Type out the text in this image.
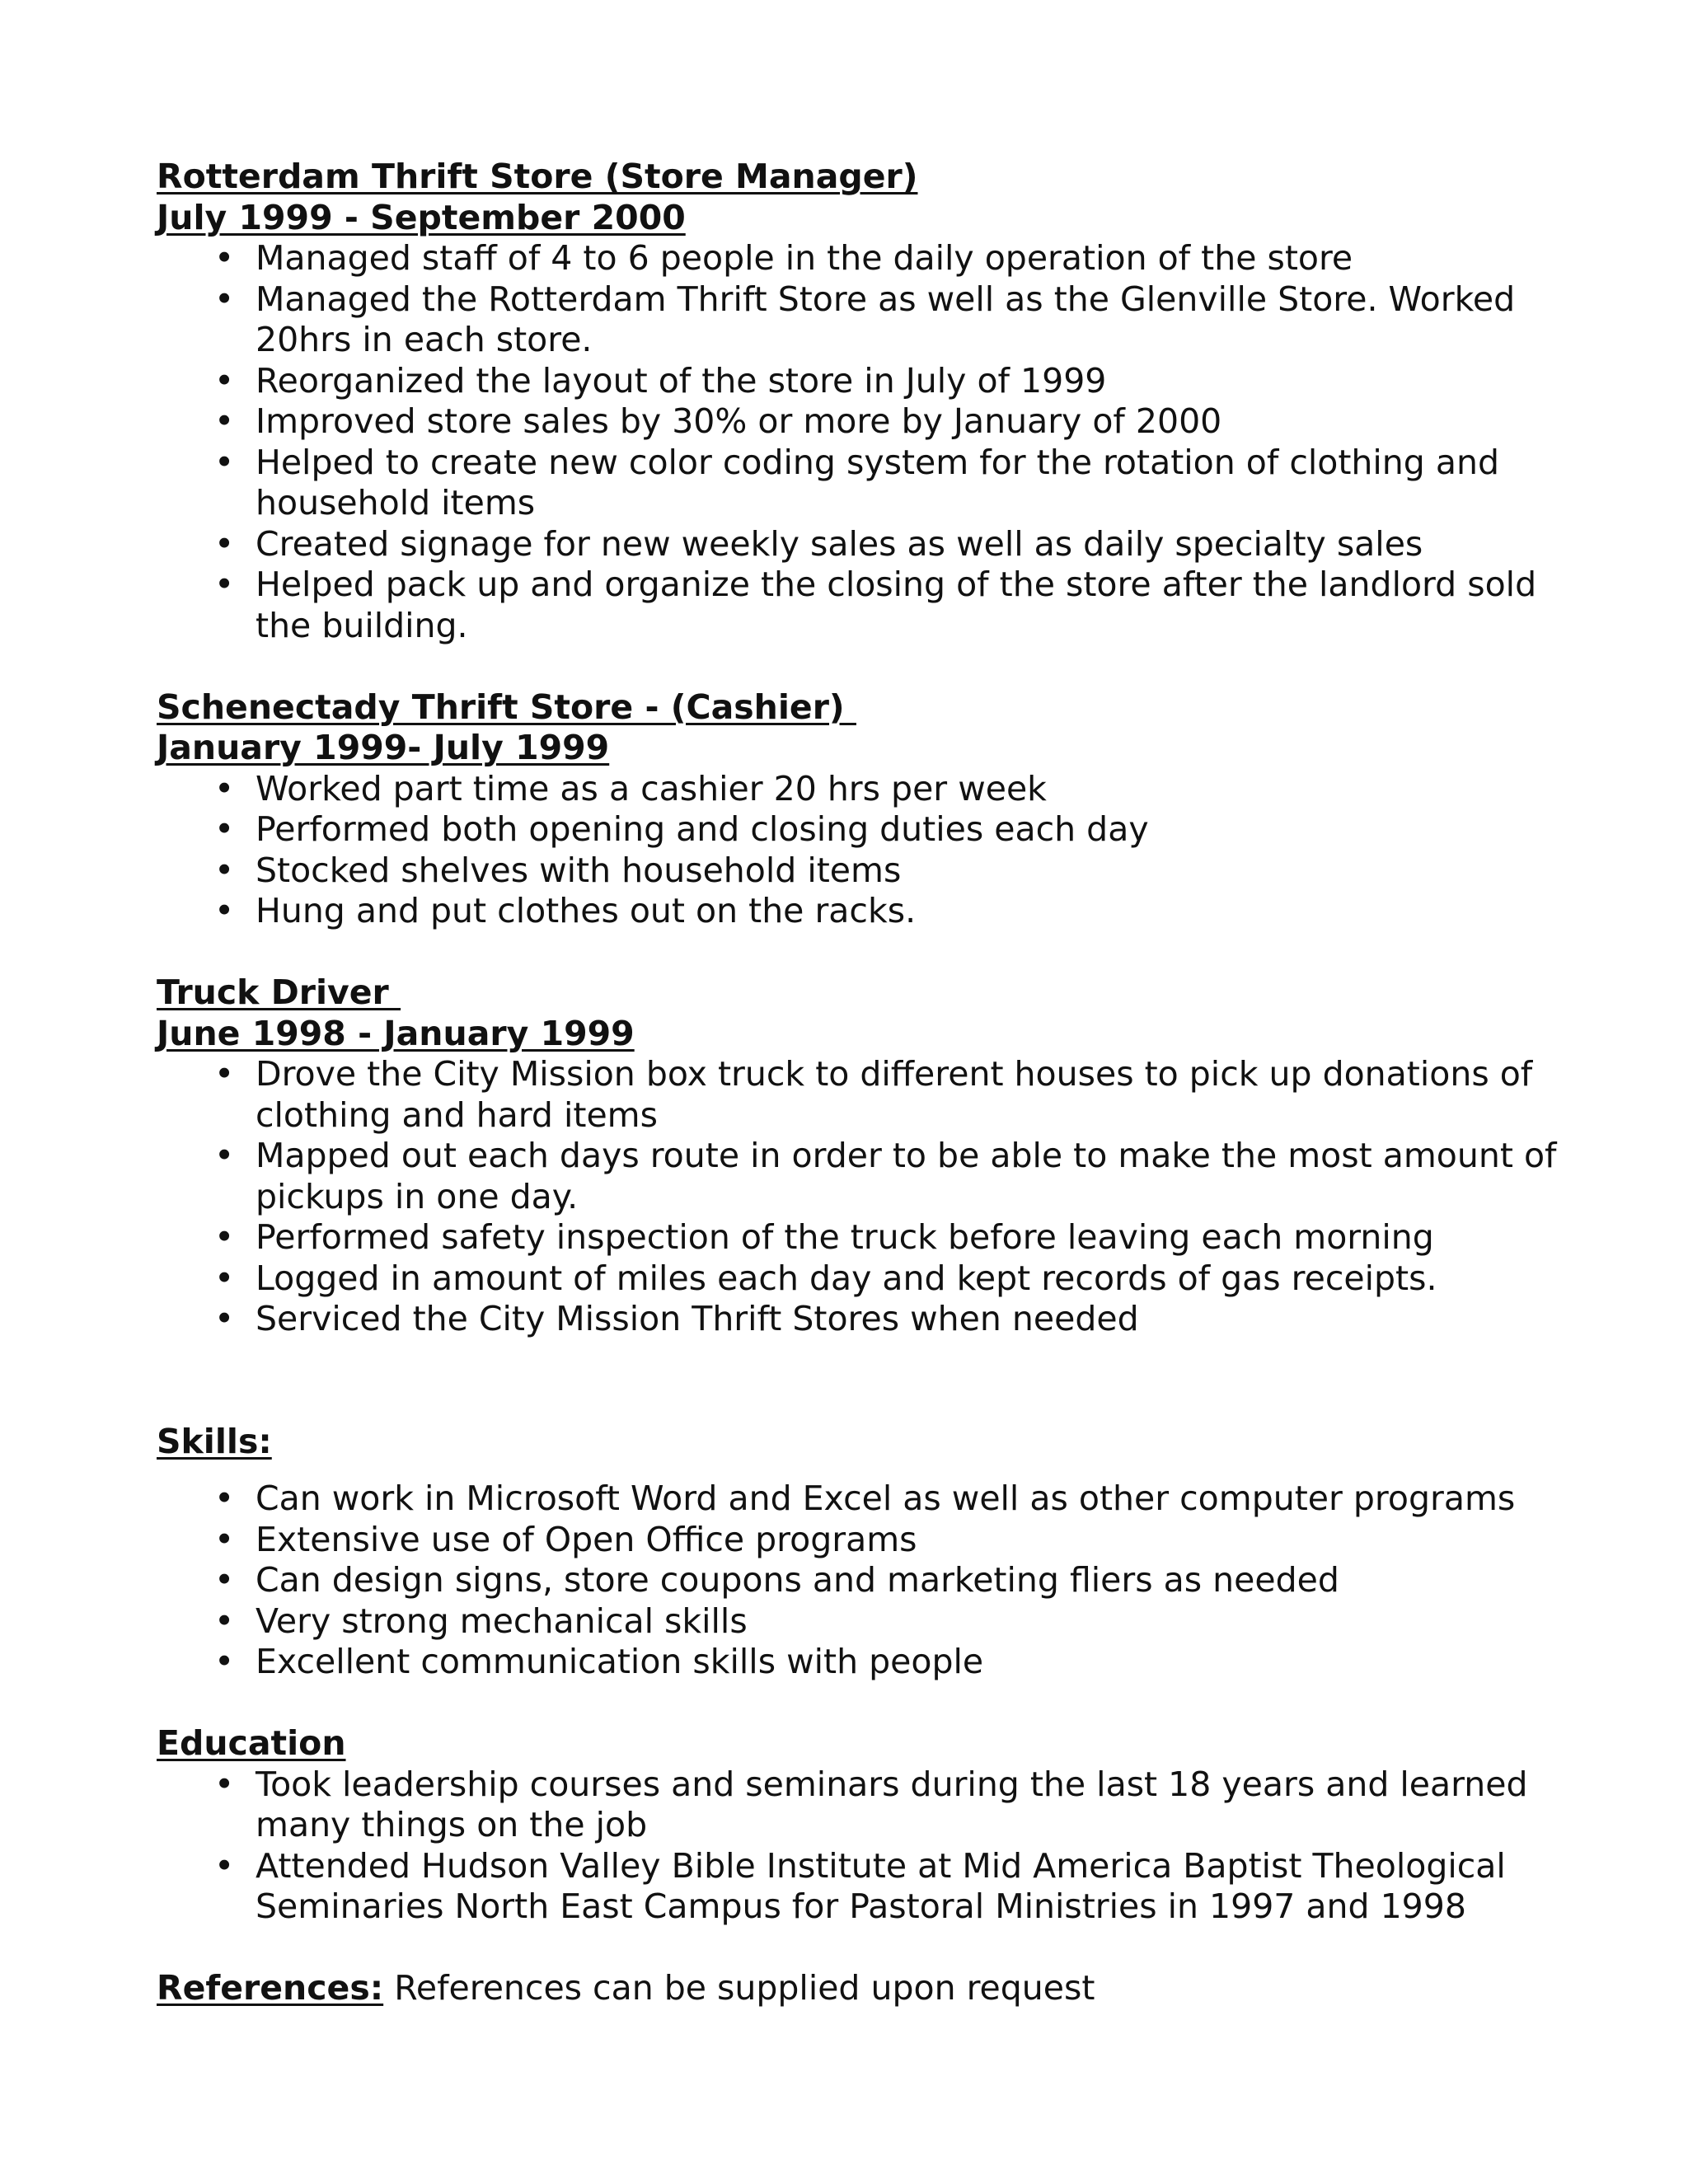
Rotterdam Thrift Store (Store Manager)
July 1999 - September 2000
• Managed staff of 4 to 6 people in the daily operation of the store
• Managed the Rotterdam Thrift Store as well as the Glenville Store. Worked 20hrs in each store.
• Reorganized the layout of the store in July of 1999
• Improved store sales by 30% or more by January of 2000
• Helped to create new color coding system for the rotation of clothing and household items
• Created signage for new weekly sales as well as daily specialty sales
• Helped pack up and organize the closing of the store after the landlord sold the building.
Schenectady Thrift Store - (Cashier)
January 1999- July 1999
• Worked part time as a cashier 20 hrs per week
• Performed both opening and closing duties each day
• Stocked shelves with household items
• Hung and put clothes out on the racks.
Truck Driver
June 1998 - January 1999
• Drove the City Mission box truck to different houses to pick up donations of clothing and hard items
• Mapped out each days route in order to be able to make the most amount of pickups in one day.
• Performed safety inspection of the truck before leaving each morning
• Logged in amount of miles each day and kept records of gas receipts.
• Serviced the City Mission Thrift Stores when needed
Skills:
• Can work in Microsoft Word and Excel as well as other computer programs
• Extensive use of Open Office programs
• Can design signs, store coupons and marketing fliers as needed
• Very strong mechanical skills
• Excellent communication skills with people
Education
• Took leadership courses and seminars during the last 18 years and learned many things on the job
• Attended Hudson Valley Bible Institute at Mid America Baptist Theological Seminaries North East Campus for Pastoral Ministries in 1997 and 1998
References: References can be supplied upon request
